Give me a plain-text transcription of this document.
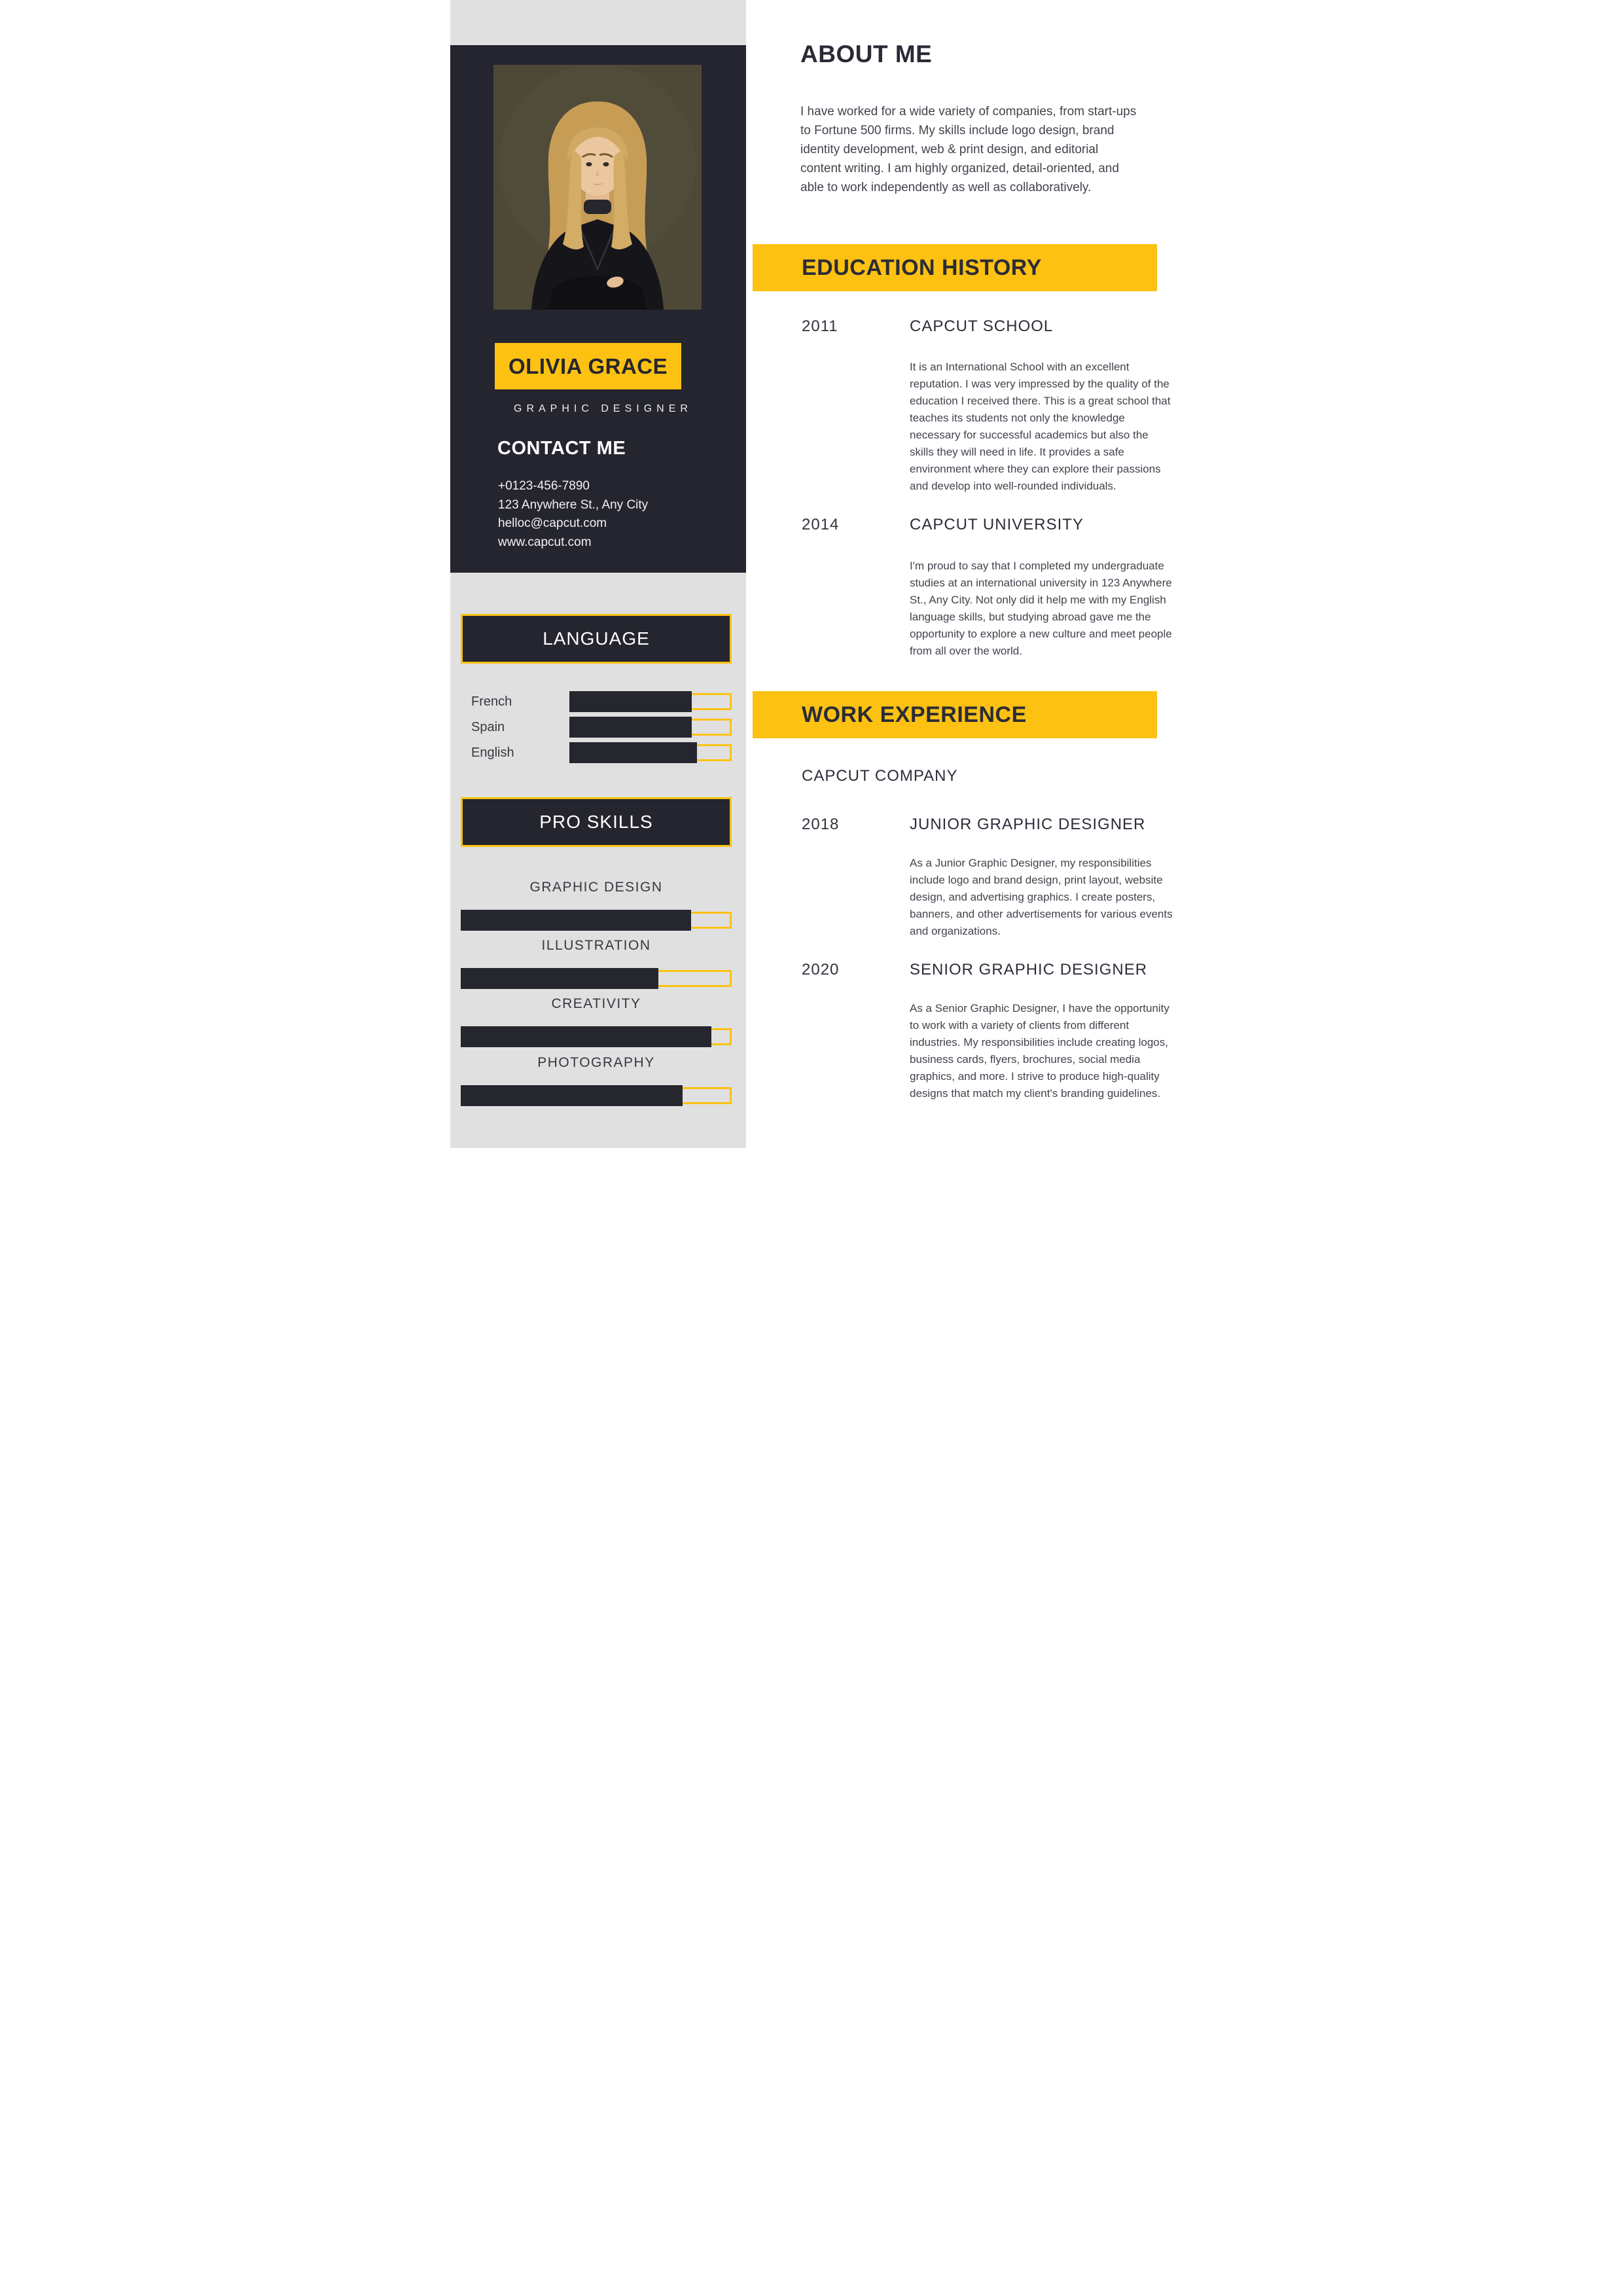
OLIVIA GRACE
GRAPHIC DESIGNER
CONTACT ME
+0123-456-7890
123 Anywhere St., Any City
helloc@capcut.com
www.capcut.com
LANGUAGE
French
Spain
English
PRO SKILLS
GRAPHIC DESIGN
ILLUSTRATION
CREATIVITY
PHOTOGRAPHY
ABOUT ME
I have worked for a wide variety of companies, from start-ups to Fortune 500 firms. My skills include logo design, brand identity development, web & print design, and editorial content writing. I am highly organized, detail-oriented, and able to work independently as well as collaboratively.
EDUCATION HISTORY
2011	CAPCUT SCHOOL
It is an International School with an excellent reputation. I was very impressed by the quality of the education I received there. This is a great school that teaches its students not only the knowledge necessary for successful academics but also the skills they will need in life. It provides a safe environment where they can explore their passions and develop into well-rounded individuals.
2014	CAPCUT UNIVERSITY
I'm proud to say that I completed my undergraduate studies at an international university in 123 Anywhere St., Any City. Not only did it help me with my English language skills, but studying abroad gave me the opportunity to explore a new culture and meet people from all over the world.
WORK EXPERIENCE
CAPCUT COMPANY
2018	JUNIOR GRAPHIC DESIGNER
As a Junior Graphic Designer, my responsibilities include logo and brand design, print layout, website design, and advertising graphics. I create posters, banners, and other advertisements for various events and organizations.
2020	SENIOR GRAPHIC DESIGNER
As a Senior Graphic Designer, I have the opportunity to work with a variety of clients from different industries. My responsibilities include creating logos, business cards, flyers, brochures, social media graphics, and more. I strive to produce high-quality designs that match my client's branding guidelines.
